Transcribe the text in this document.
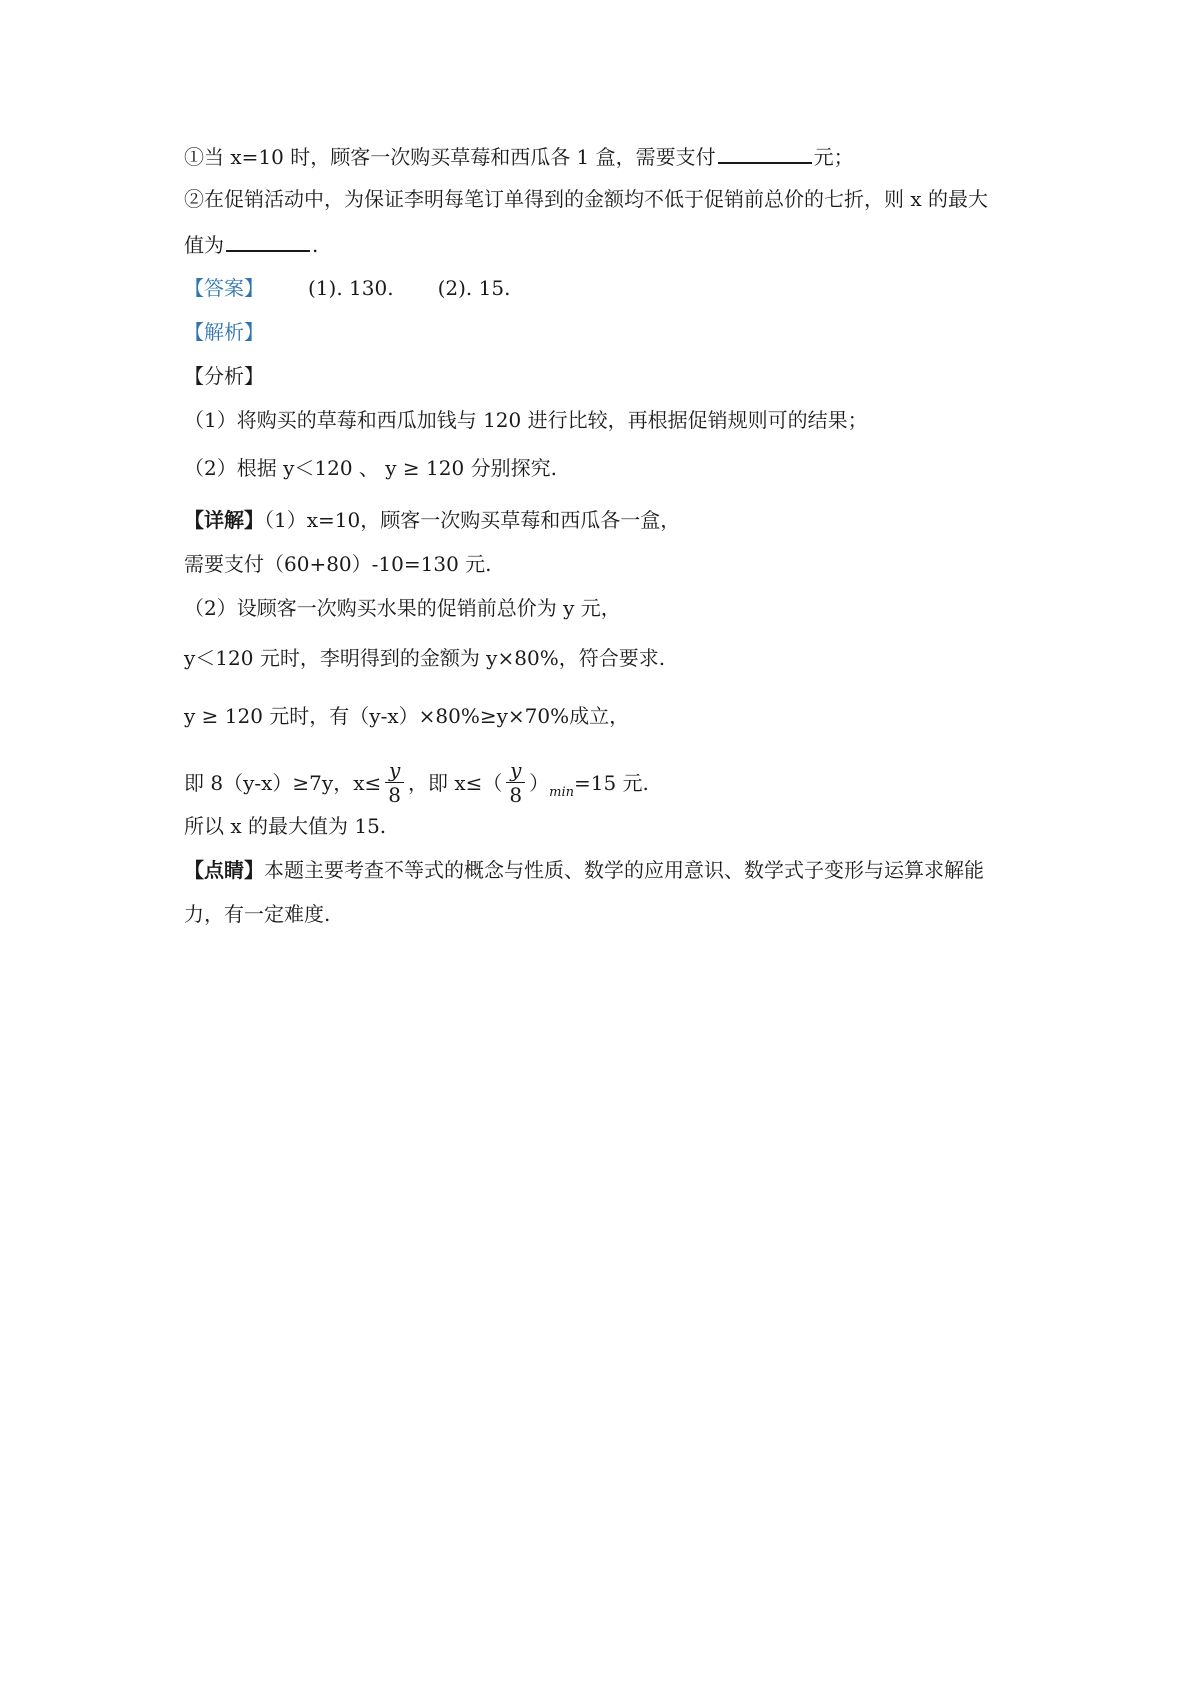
①当 x=10 时，顾客一次购买草莓和西瓜各 1 盒，需要支付	元；
②在促销活动中，为保证李明每笔订单得到的金额均不低于促销前总价的七折，则 x 的最大
值为	.
【答案】 (1). 130. (2). 15.
【解析】
【分析】
（1）将购买的草莓和西瓜加钱与 120 进行比较，再根据促销规则可的结果；
（2）根据 y＜120 、 y ≥ 120 分别探究.
【详解】（1）x=10，顾客一次购买草莓和西瓜各一盒，
需要支付（60+80）-10=130 元.
（2）设顾客一次购买水果的促销前总价为 y 元，
y＜120 元时，李明得到的金额为 y×80%，符合要求.
y ≥ 120 元时，有（y-x）×80%≥y×70%成立，
即 8（y-x）≥7y，$x\le \frac{y}{8}$ ，即 $x\le( \frac{y}{8} )_{min}=15$ 元.
所以 x 的最大值为 15.
【点睛】本题主要考查不等式的概念与性质、数学的应用意识、数学式子变形与运算求解能
力，有一定难度.
